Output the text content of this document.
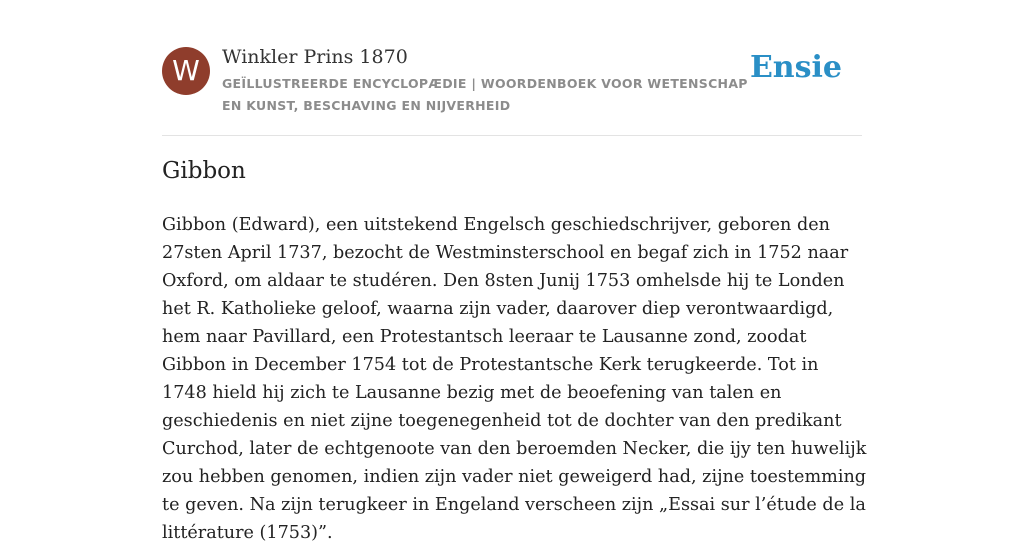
W	Winkler Prins 1870
GEÏLLUSTREERDE ENCYCLOPÆDIE | WOORDENBOEK VOOR WETENSCHAP EN KUNST, BESCHAVING EN NIJVERHEID
Ensie
Gibbon

Gibbon (Edward), een uitstekend Engelsch geschiedschrijver, geboren den 27sten April 1737, bezocht de Westminsterschool en begaf zich in 1752 naar Oxford, om aldaar te studéren. Den 8sten Junij 1753 omhelsde hij te Londen het R. Katholieke geloof, waarna zijn vader, daarover diep verontwaardigd, hem naar Pavillard, een Protestantsch leeraar te Lausanne zond, zoodat Gibbon in December 1754 tot de Protestantsche Kerk terugkeerde. Tot in 1748 hield hij zich te Lausanne bezig met de beoefening van talen en geschiedenis en niet zijne toegenegenheid tot de dochter van den predikant Curchod, later de echtgenoote van den beroemden Necker, die ijy ten huwelijk zou hebben genomen, indien zijn vader niet geweigerd had, zijne toestemming te geven. Na zijn terugkeer in Engeland verscheen zijn „Essai sur l’étude de la littérature (1753)”.
